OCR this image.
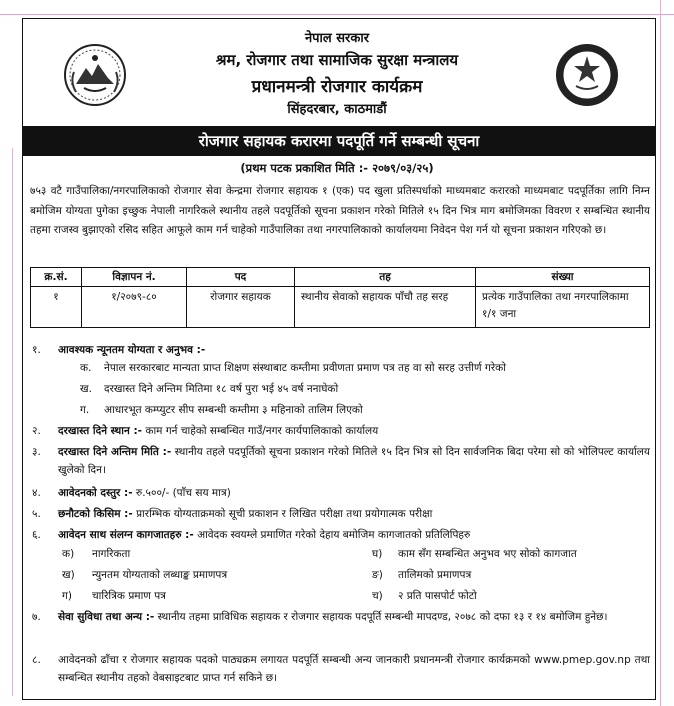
नेपाल सरकार
श्रम, रोजगार तथा सामाजिक सुरक्षा मन्त्रालय
प्रधानमन्त्री रोजगार कार्यक्रम
सिंहदरबार, काठमाडौं
रोजगार सहायक करारमा पदपूर्ति गर्ने सम्बन्धी सूचना
(प्रथम पटक प्रकाशित मिति :- २०७९/०३/२५)
७५३ वटै गाउँपालिका/नगरपालिकाको रोजगार सेवा केन्द्रमा रोजगार सहायक १ (एक) पद खुला प्रतिस्पर्धाको माध्यमबाट करारको माध्यमबाट पदपूर्तिका लागि निम्न बमोजिम योग्यता पुगेका इच्छुक नेपाली नागरिकले स्थानीय तहले पदपूर्तिको सूचना प्रकाशन गरेको मितिले १५ दिन भित्र माग बमोजिमका विवरण र सम्बन्धित स्थानीय तहमा राजस्व बुझाएको रसिद सहित आफूले काम गर्न चाहेको गाउँपालिका तथा नगरपालिकाको कार्यालयमा निवेदन पेश गर्न यो सूचना प्रकाशन गरिएको छ।
क्र.सं.	विज्ञापन नं.	पद	तह	संख्या
१	१/२०७९-८०	रोजगार सहायक	स्थानीय सेवाको सहायक पाँचौ तह सरह	प्रत्येक गाउँपालिका तथा नगरपालिकामा १/१ जना
१. आवश्यक न्यूनतम योग्यता र अनुभव :-
क. नेपाल सरकारबाट मान्यता प्राप्त शिक्षण संस्थाबाट कम्तीमा प्रवीणता प्रमाण पत्र तह वा सो सरह उत्तीर्ण गरेको
ख. दरखास्त दिने अन्तिम मितिमा १८ वर्ष पुरा भई ४५ वर्ष ननाघेको
ग. आधारभूत कम्प्युटर सीप सम्बन्धी कम्तीमा ३ महिनाको तालिम लिएको
२. दरखास्त दिने स्थान :- काम गर्न चाहेको सम्बन्धित गाउँ/नगर कार्यपालिकाको कार्यालय
३. दरखास्त दिने अन्तिम मिति :- स्थानीय तहले पदपूर्तिको सूचना प्रकाशन गरेको मितिले १५ दिन भित्र सो दिन सार्वजनिक बिदा परेमा सो को भोलिपल्ट कार्यालय खुलेको दिन।
४. आवेदनको दस्तुर :- रु.५००/- (पाँच सय मात्र)
५. छनौटको किसिम :- प्रारम्भिक योग्यताक्रमको सूची प्रकाशन र लिखित परीक्षा तथा प्रयोगात्मक परीक्षा
६. आवेदन साथ संलग्न कागजातहरु :- आवेदक स्वयम्ले प्रमाणित गरेको देहाय बमोजिम कागजातको प्रतिलिपिहरु
क) नागरिकता	घ) काम सँग सम्बन्धित अनुभव भए सोको कागजात
ख) न्युनतम योग्यताको लब्धाङ्क प्रमाणपत्र	ङ) तालिमको प्रमाणपत्र
ग) चारित्रिक प्रमाण पत्र	च) २ प्रति पासपोर्ट फोटो
७. सेवा सुविधा तथा अन्य :- स्थानीय तहमा प्राविधिक सहायक र रोजगार सहायक पदपूर्ति सम्बन्धी मापदण्ड, २०७८ को दफा १३ र १४ बमोजिम हुनेछ।
८. आवेदनको ढाँचा र रोजगार सहायक पदको पाठ्यक्रम लगायत पदपूर्ति सम्बन्धी अन्य जानकारी प्रधानमन्त्री रोजगार कार्यक्रमको www.pmep.gov.np तथा सम्बन्धित स्थानीय तहको वेबसाइटबाट प्राप्त गर्न सकिने छ।
